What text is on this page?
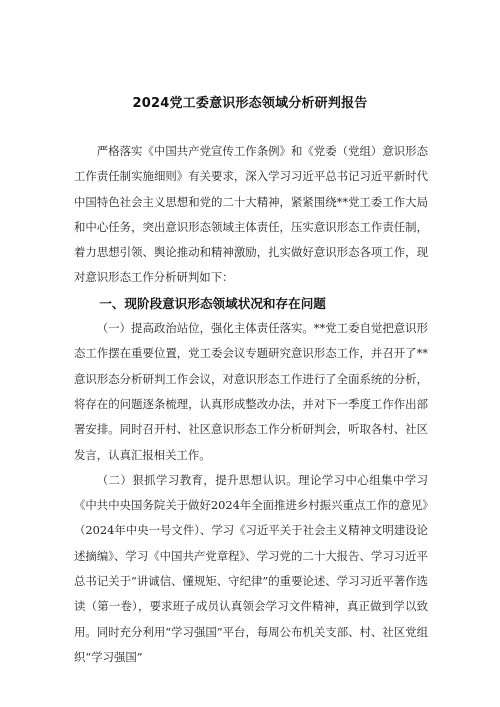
2024党工委意识形态领域分析研判报告

严格落实《中国共产党宣传工作条例》和《党委（党组）意识形态工作责任制实施细则》有关要求，深入学习习近平总书记习近平新时代中国特色社会主义思想和党的二十大精神，紧紧围绕**党工委工作大局和中心任务，突出意识形态领域主体责任，压实意识形态工作责任制，着力思想引领、舆论推动和精神激励，扎实做好意识形态各项工作，现对意识形态工作分析研判如下：

一、现阶段意识形态领域状况和存在问题

（一）提高政治站位，强化主体责任落实。**党工委自觉把意识形态工作摆在重要位置，党工委会议专题研究意识形态工作，并召开了**意识形态分析研判工作会议，对意识形态工作进行了全面系统的分析，将存在的问题逐条梳理，认真形成整改办法，并对下一季度工作作出部署安排。同时召开村、社区意识形态工作分析研判会，听取各村、社区发言，认真汇报相关工作。

（二）狠抓学习教育，提升思想认识。理论学习中心组集中学习《中共中央国务院关于做好2024年全面推进乡村振兴重点工作的意见》（2024年中央一号文件）、学习《习近平关于社会主义精神文明建设论述摘编》、学习《中国共产党章程》、学习党的二十大报告、学习习近平总书记关于“讲诚信、懂规矩、守纪律”的重要论述、学习习近平著作选读（第一卷），要求班子成员认真领会学习文件精神，真正做到学以致用。同时充分利用“学习强国”平台，每周公布机关支部、村、社区党组织“学习强国”
